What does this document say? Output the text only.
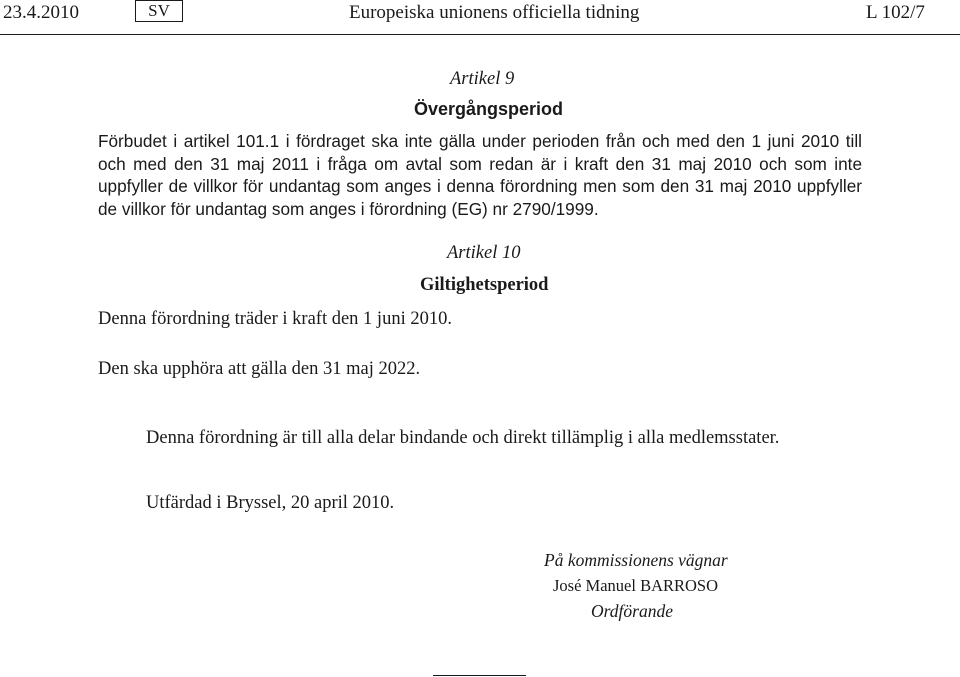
23.4.2010	SV	Europeiska unionens officiella tidning	L 102/7
Artikel 9
Övergångsperiod
Förbudet i artikel 101.1 i fördraget ska inte gälla under perioden från och med den 1 juni 2010 till och med den 31 maj 2011 i fråga om avtal som redan är i kraft den 31 maj 2010 och som inte uppfyller de villkor för undantag som anges i denna förordning men som den 31 maj 2010 uppfyller de villkor för undantag som anges i förordning (EG) nr 2790/1999.
Artikel 10
Giltighetsperiod
Denna förordning träder i kraft den 1 juni 2010.
Den ska upphöra att gälla den 31 maj 2022.
Denna förordning är till alla delar bindande och direkt tillämplig i alla medlemsstater.
Utfärdad i Bryssel, 20 april 2010.
På kommissionens vägnar
José Manuel BARROSO
Ordförande
